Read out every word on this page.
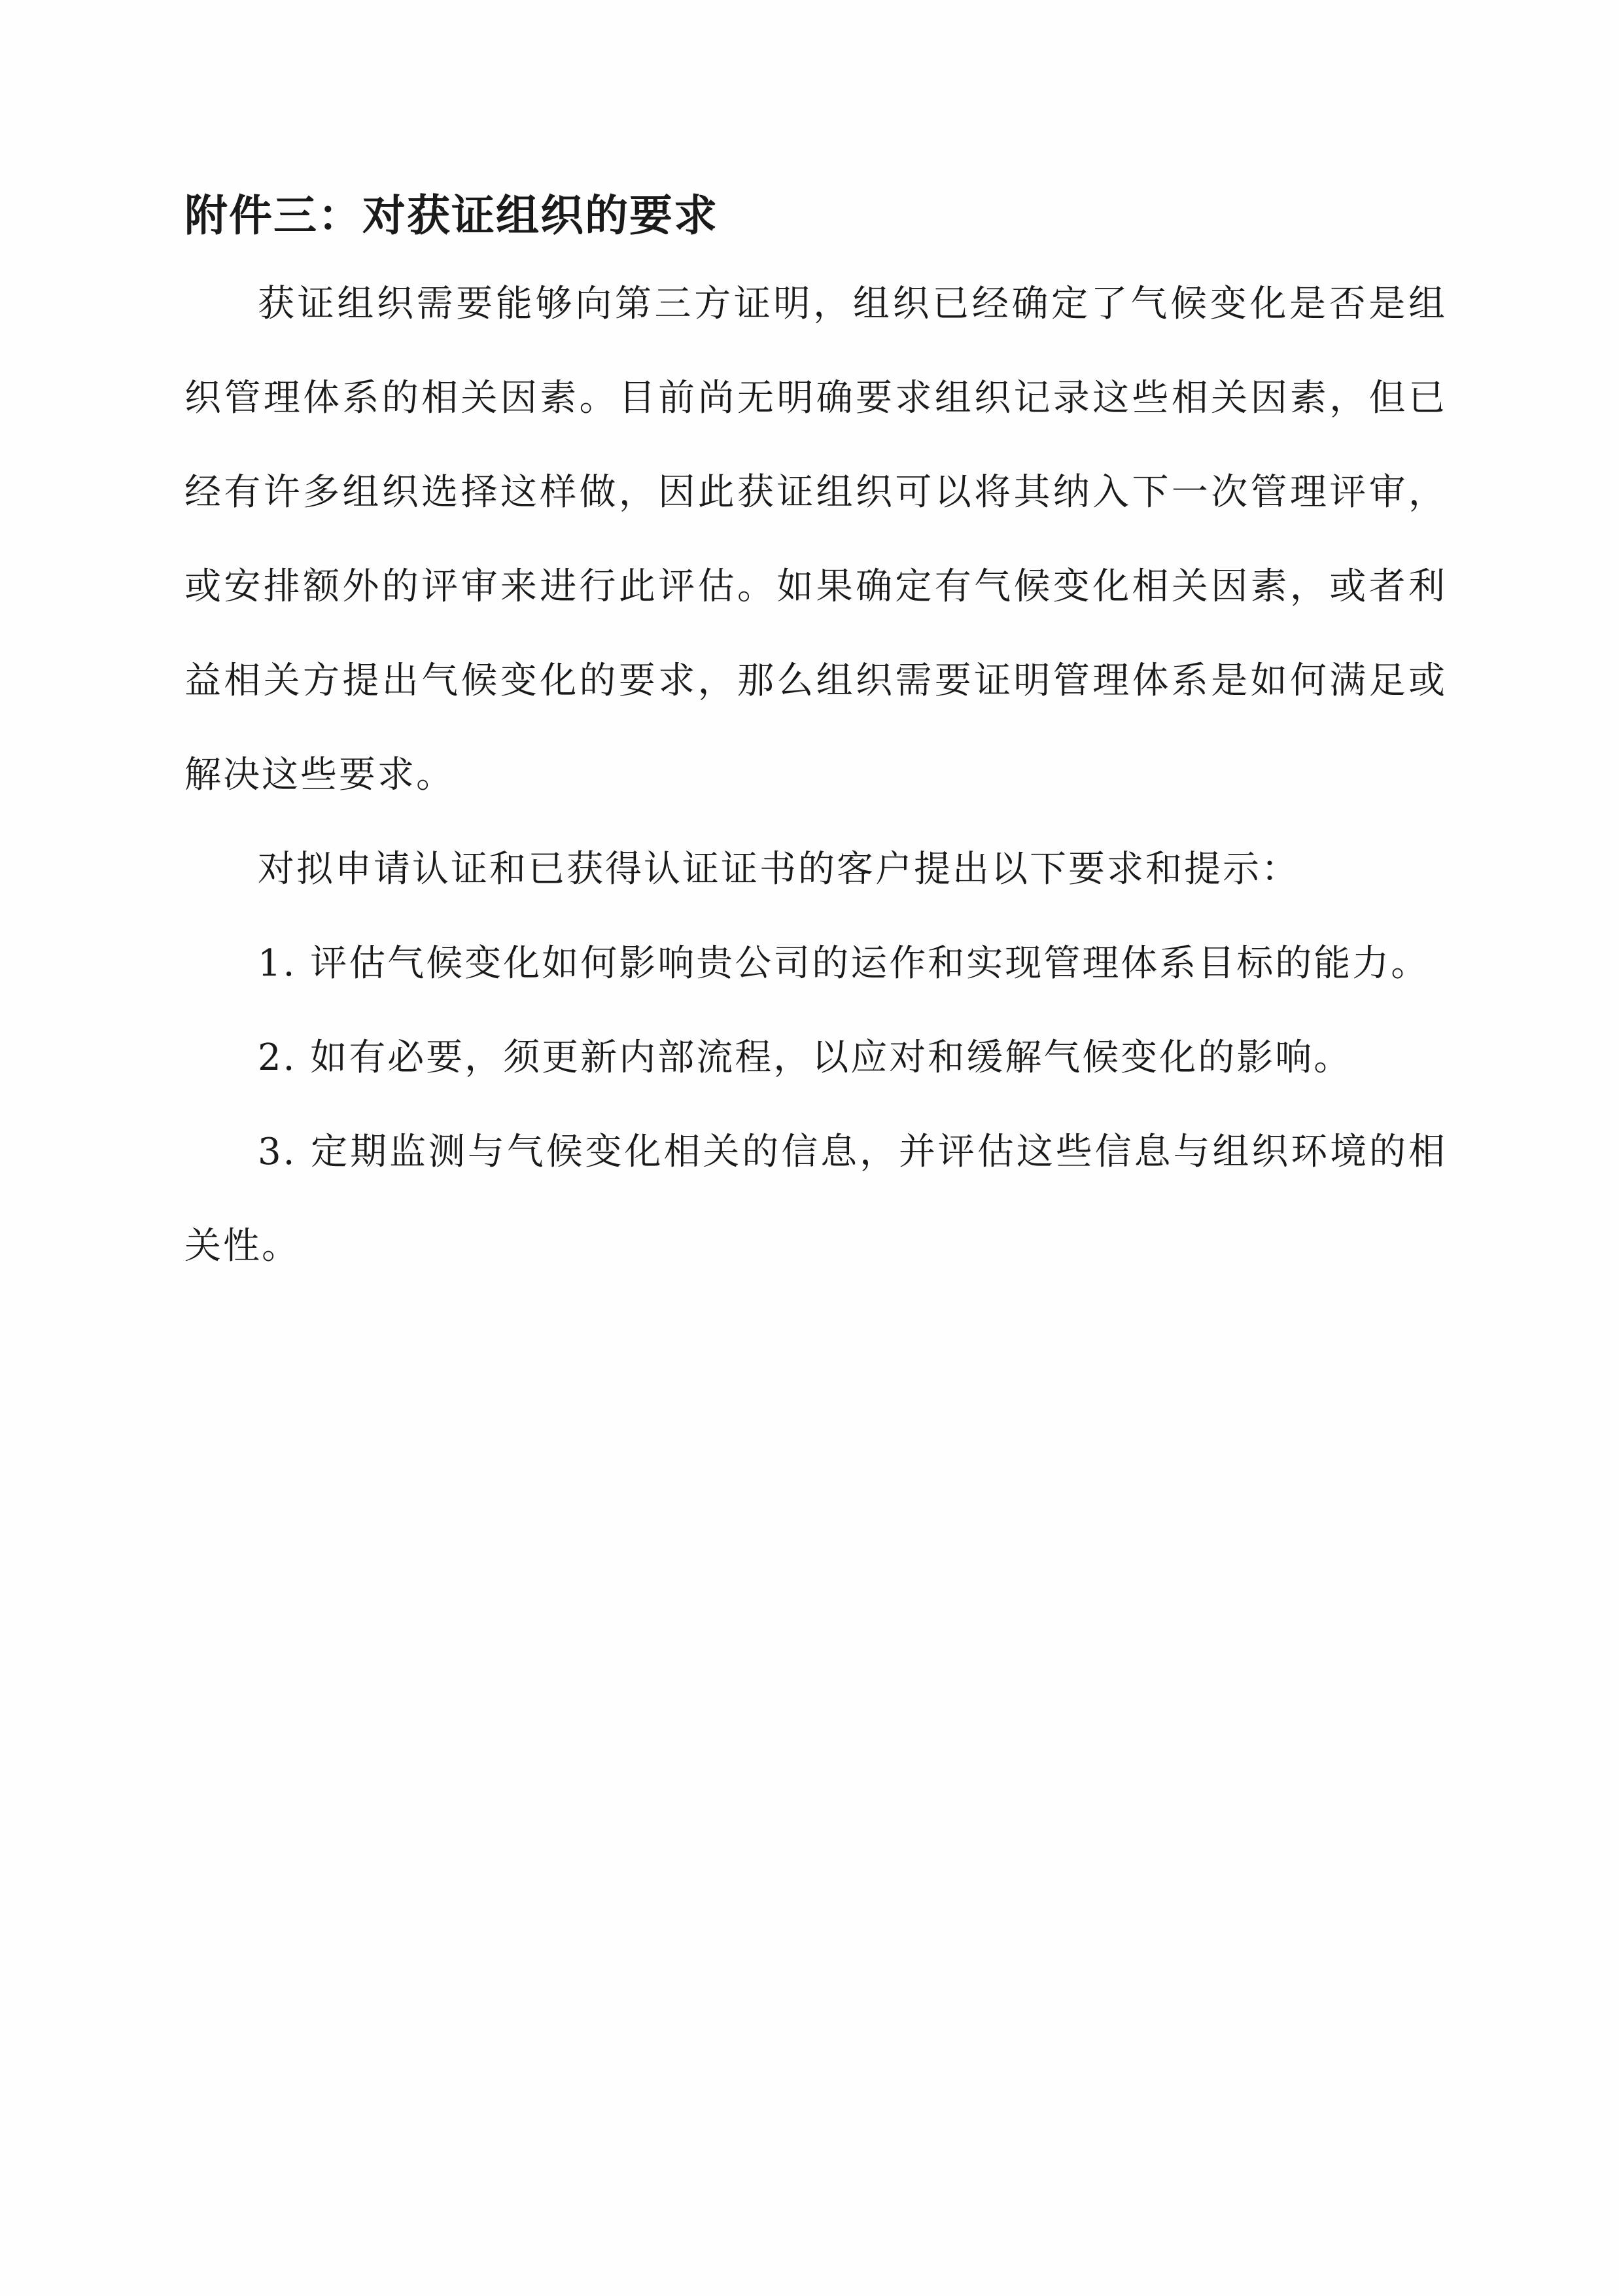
附件三：对获证组织的要求

获证组织需要能够向第三方证明，组织已经确定了气候变化是否是组织管理体系的相关因素。目前尚无明确要求组织记录这些相关因素，但已经有许多组织选择这样做，因此获证组织可以将其纳入下一次管理评审，或安排额外的评审来进行此评估。如果确定有气候变化相关因素，或者利益相关方提出气候变化的要求，那么组织需要证明管理体系是如何满足或解决这些要求。

对拟申请认证和已获得认证证书的客户提出以下要求和提示：

1. 评估气候变化如何影响贵公司的运作和实现管理体系目标的能力。

2. 如有必要，须更新内部流程，以应对和缓解气候变化的影响。

3. 定期监测与气候变化相关的信息，并评估这些信息与组织环境的相关性。
